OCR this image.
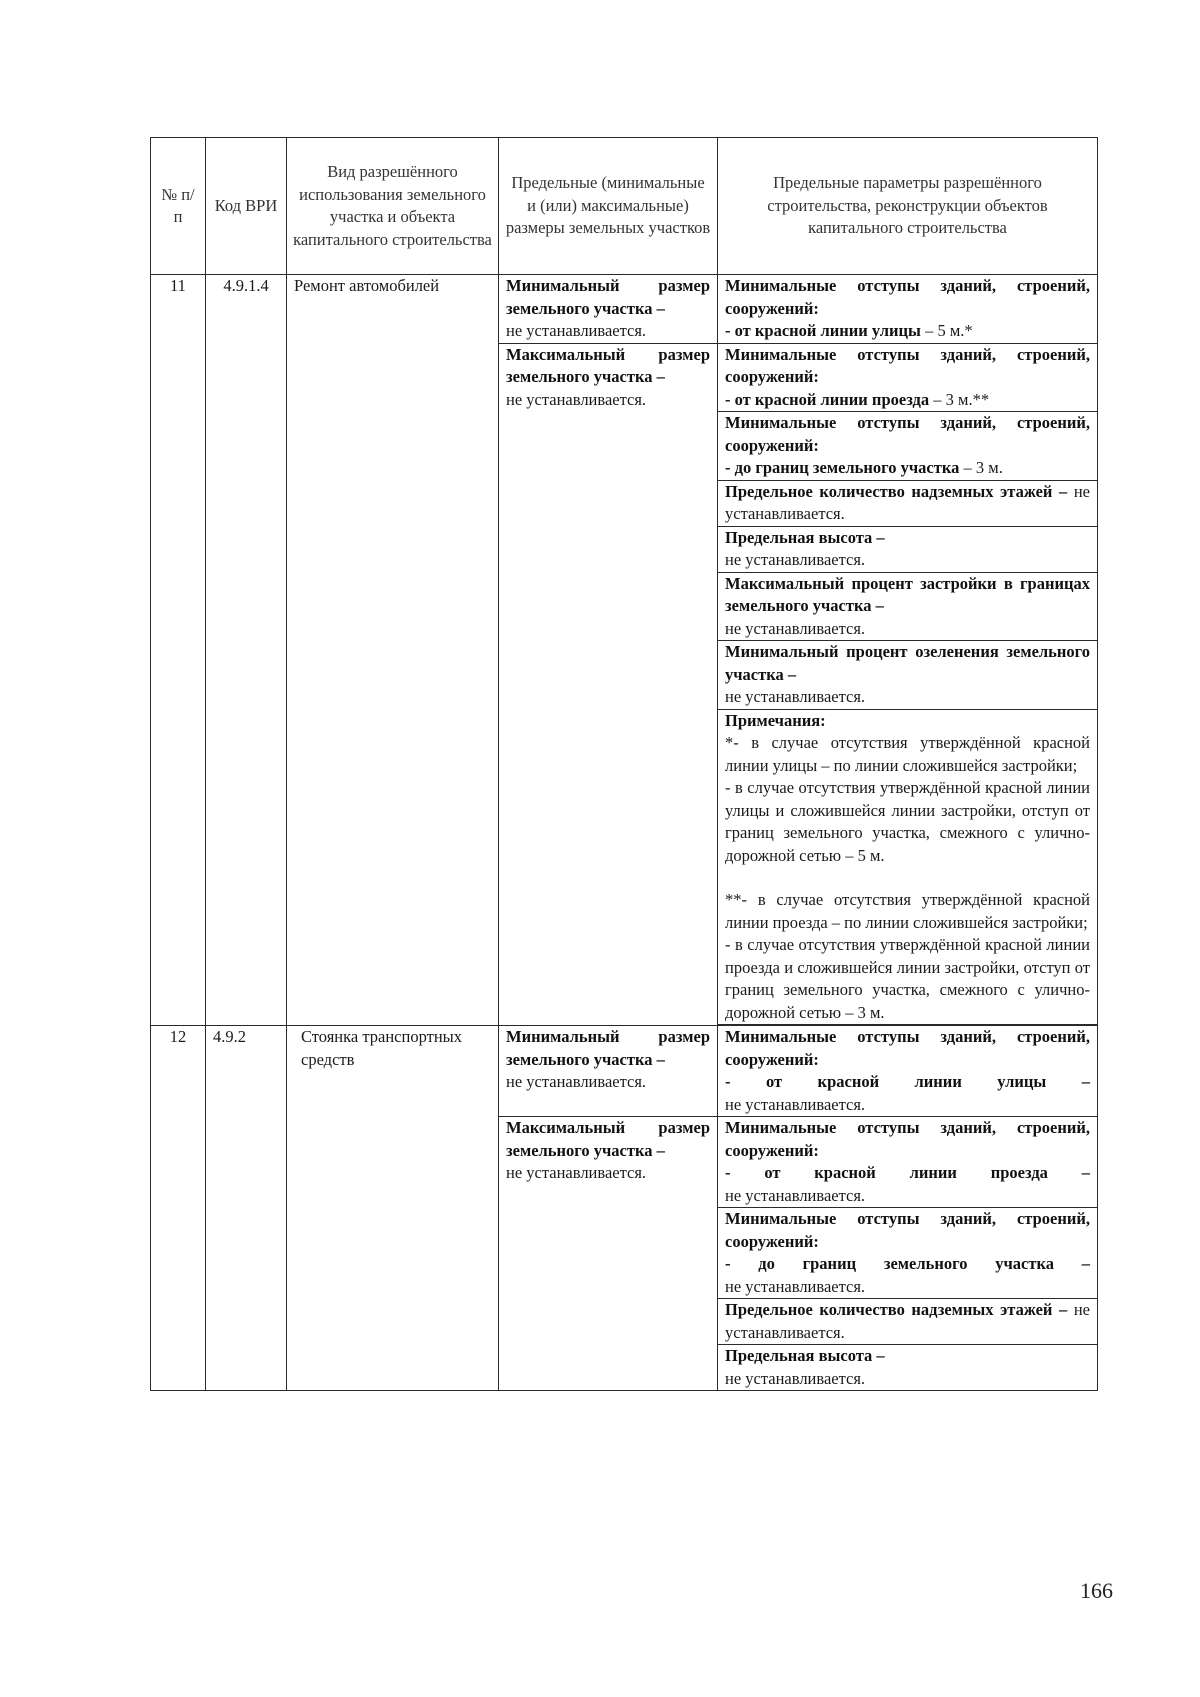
№ п/п	Код ВРИ	Вид разрешённого использования земельного участка и объекта капитального строительства	Предельные (минимальные и (или) максимальные) размеры земельных участков	Предельные параметры разрешённого строительства, реконструкции объектов капитального строительства
11	4.9.1.4	Ремонт автомобилей	Минимальный размер земельного участка –
не устанавливается.	Минимальные отступы зданий, строений, сооружений:
- от красной линии улицы – 5 м.*

			Максимальный размер земельного участка –
не устанавливается.	Минимальные отступы зданий, строений, сооружений:
- от красной линии проезда – 3 м.**
				Минимальные отступы зданий, строений, сооружений:
- до границ земельного участка – 3 м.
				Предельное количество надземных этажей – не устанавливается.

				Предельная высота –
не устанавливается.

				Максимальный процент застройки в границах земельного участка –
не устанавливается.

				Минимальный процент озеленения земельного участка –
не устанавливается.

				Примечания:
*- в случае отсутствия утверждённой красной линии улицы – по линии сложившейся застройки;
- в случае отсутствия утверждённой красной линии улицы и сложившейся линии застройки, отступ от границ земельного участка, смежного с улично-дорожной сетью – 5 м.
**- в случае отсутствия утверждённой красной линии проезда – по линии сложившейся застройки;
- в случае отсутствия утверждённой красной линии проезда и сложившейся линии застройки, отступ от границ земельного участка, смежного с улично-дорожной сетью – 3 м.

12	4.9.2	Стоянка транспортных средств	Минимальный размер земельного участка –
не устанавливается.	Минимальные отступы зданий, строений, сооружений:

- от красной линии улицы –
не устанавливается.

			Максимальный размер земельного участка –
не устанавливается.	Минимальные отступы зданий, строений, сооружений:

- от красной линии проезда –
не устанавливается.
				Минимальные отступы зданий, строений, сооружений:

- до границ земельного участка –
не устанавливается.
				Предельное количество надземных этажей – не устанавливается.

				Предельная высота –
не устанавливается.
166
